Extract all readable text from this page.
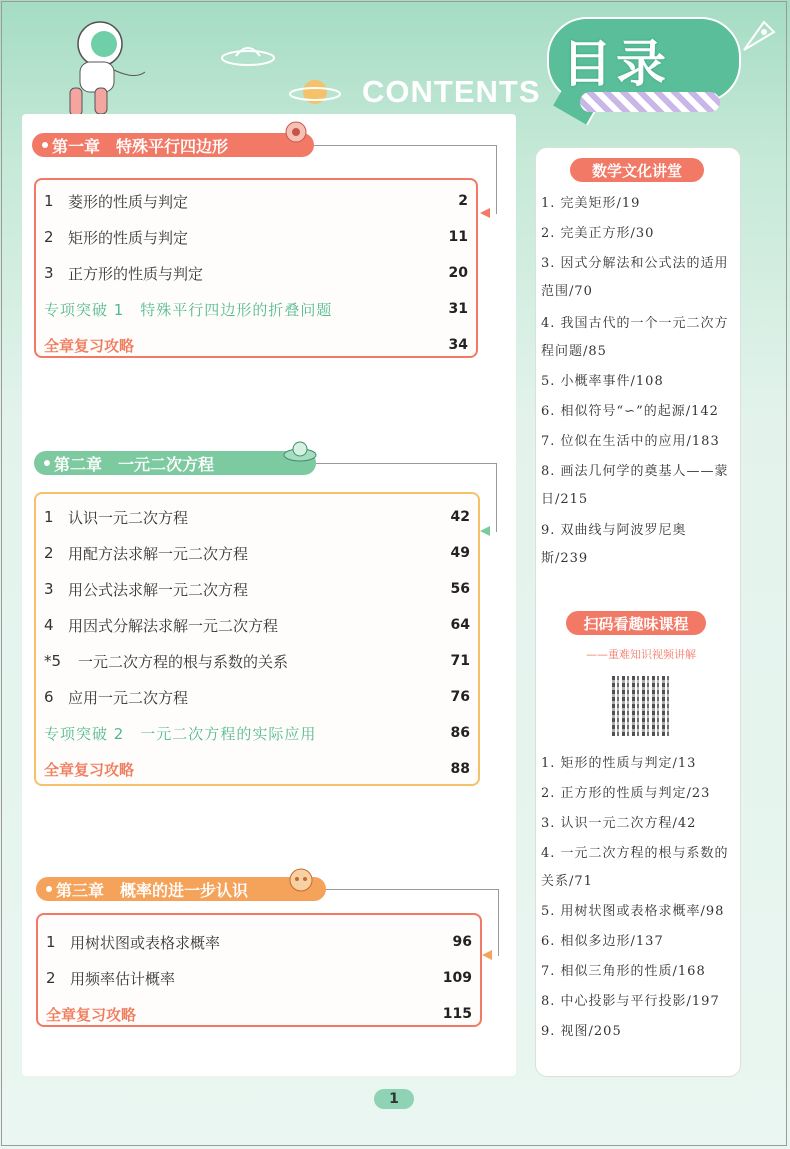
目录
CONTENTS
第一章　特殊平行四边形
1 菱形的性质与判定	2
2 矩形的性质与判定	11
3 正方形的性质与判定	20
专项突破 1　特殊平行四边形的折叠问题	31
全章复习攻略	34
第二章　一元二次方程
1 认识一元二次方程	42
2 用配方法求解一元二次方程	49
3 用公式法求解一元二次方程	56
4 用因式分解法求解一元二次方程	64
*5	一元二次方程的根与系数的关系	71
6 应用一元二次方程	76
专项突破 2　一元二次方程的实际应用	86
全章复习攻略	88
第三章　概率的进一步认识
1 用树状图或表格求概率	96
2 用频率估计概率	109
全章复习攻略	115
数学文化讲堂
1. 完美矩形/19
2. 完美正方形/30
3. 因式分解法和公式法的适用范围/70
4. 我国古代的一个一元二次方程问题/85
5. 小概率事件/108
6. 相似符号“∽”的起源/142
7. 位似在生活中的应用/183
8. 画法几何学的奠基人——蒙日/215
9. 双曲线与阿波罗尼奥斯/239
扫码看趣味课程
——重难知识视频讲解
1. 矩形的性质与判定/13
2. 正方形的性质与判定/23
3. 认识一元二次方程/42
4. 一元二次方程的根与系数的关系/71
5. 用树状图或表格求概率/98
6. 相似多边形/137
7. 相似三角形的性质/168
8. 中心投影与平行投影/197
9. 视图/205
1
